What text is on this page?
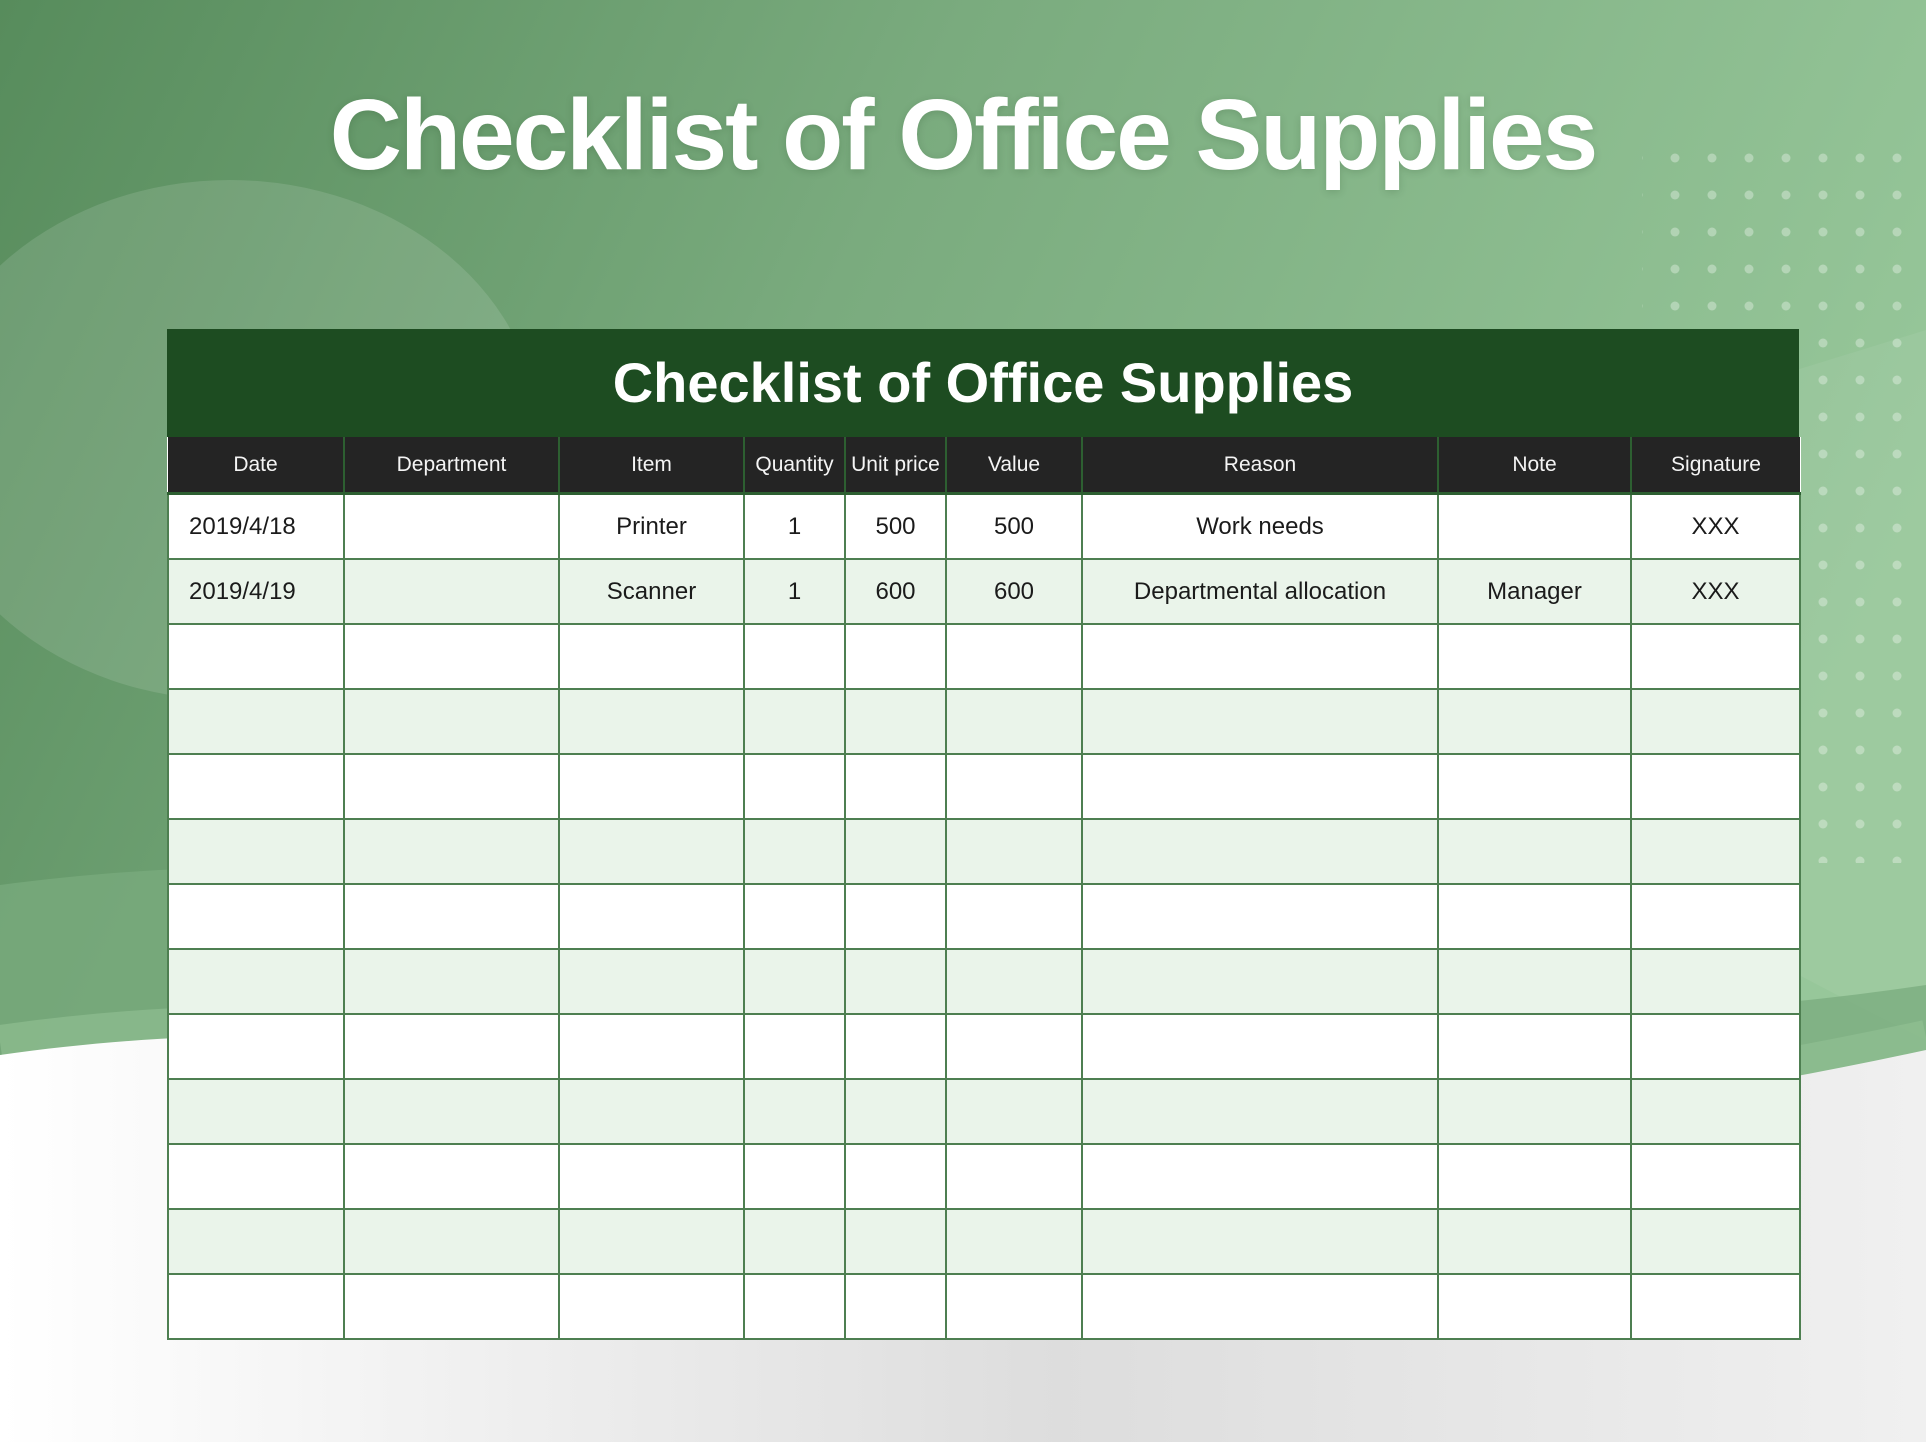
Checklist of Office Supplies
Checklist of Office Supplies
Date	Department	Item	Quantity	Unit price	Value	Reason	Note	Signature
2019/4/18		Printer	1	500	500	Work needs		XXX
2019/4/19		Scanner	1	600	600	Departmental allocation	Manager	XXX
